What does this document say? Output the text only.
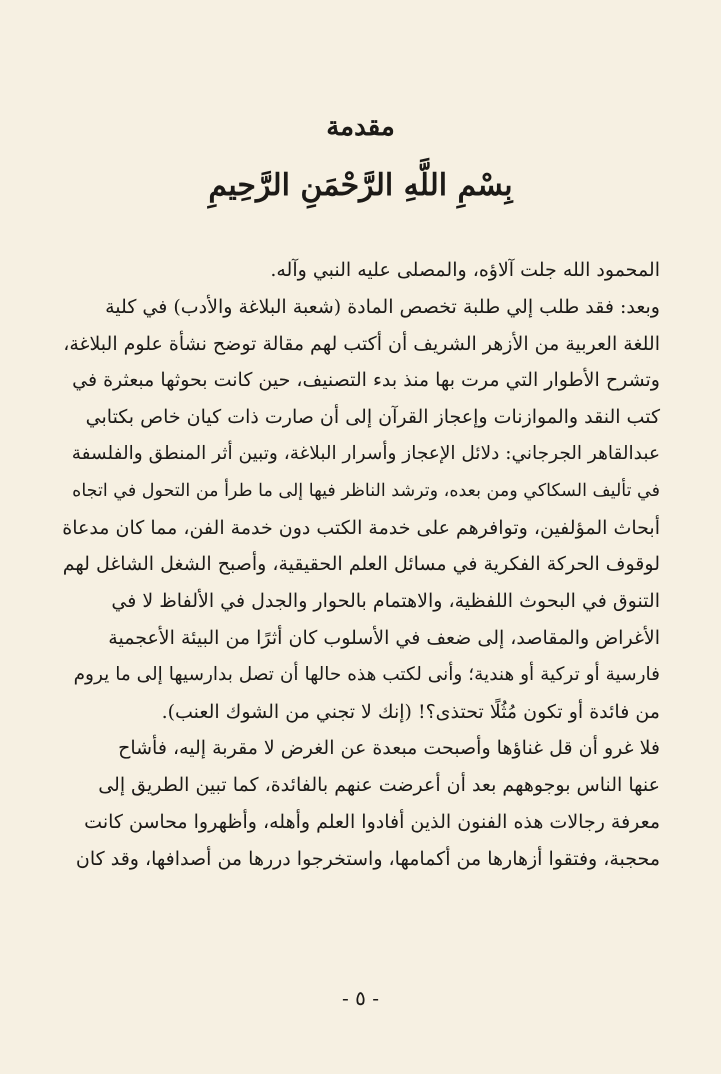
مقدمة
بِسْمِ اللَّهِ الرَّحْمَنِ الرَّحِيمِ
المحمود الله جلت آلاؤه، والمصلى عليه النبي وآله.
وبعد: فقد طلب إلي طلبة تخصص المادة (شعبة البلاغة والأدب) في كلية
اللغة العربية من الأزهر الشريف أن أكتب لهم مقالة توضح نشأة علوم البلاغة،
وتشرح الأطوار التي مرت بها منذ بدء التصنيف، حين كانت بحوثها مبعثرة في
كتب النقد والموازنات وإعجاز القرآن إلى أن صارت ذات كيان خاص بكتابي
عبدالقاهر الجرجاني: دلائل الإعجاز وأسرار البلاغة، وتبين أثر المنطق والفلسفة
في تأليف السكاكي ومن بعده، وترشد الناظر فيها إلى ما طرأ من التحول في اتجاه
أبحاث المؤلفين، وتوافرهم على خدمة الكتب دون خدمة الفن، مما كان مدعاة
لوقوف الحركة الفكرية في مسائل العلم الحقيقية، وأصبح الشغل الشاغل لهم
التنوق في البحوث اللفظية، والاهتمام بالحوار والجدل في الألفاظ لا في
الأغراض والمقاصد، إلى ضعف في الأسلوب كان أثرًا من البيئة الأعجمية
فارسية أو تركية أو هندية؛ وأنى لكتب هذه حالها أن تصل بدارسيها إلى ما يروم
من فائدة أو تكون مُثُلًا تحتذى؟! (إنك لا تجني من الشوك العنب).
فلا غرو أن قل غناؤها وأصبحت مبعدة عن الغرض لا مقربة إليه، فأشاح
عنها الناس بوجوههم بعد أن أعرضت عنهم بالفائدة، كما تبين الطريق إلى
معرفة رجالات هذه الفنون الذين أفادوا العلم وأهله، وأظهروا محاسن كانت
محجبة، وفتقوا أزهارها من أكمامها، واستخرجوا دررها من أصدافها، وقد كان
- ٥ -
